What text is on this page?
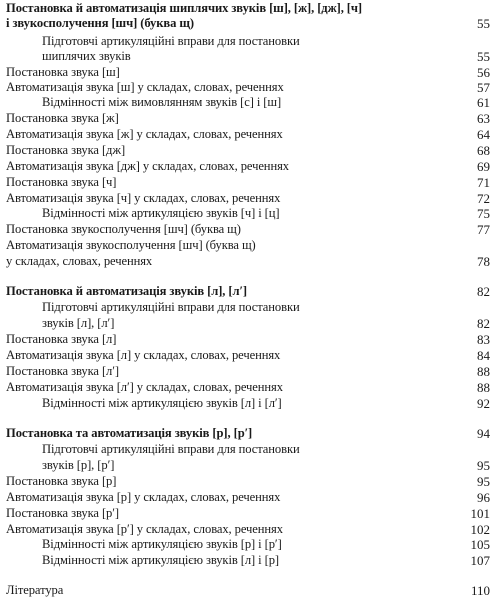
Постановка й автоматизація шиплячих звуків [ш], [ж], [дж], [ч]
і звукосполучення [шч] (буква щ)	55
Підготовчі артикуляційні вправи для постановки
шиплячих звуків	55
Постановка звука [ш]	56
Автоматизація звука [ш] у складах, словах, реченнях	57
Відмінності між вимовлянням звуків [с] і [ш]	61
Постановка звука [ж]	63
Автоматизація звука [ж] у складах, словах, реченнях	64
Постановка звука [дж]	68
Автоматизація звука [дж] у складах, словах, реченнях	69
Постановка звука [ч]	71
Автоматизація звука [ч] у складах, словах, реченнях	72
Відмінності між артикуляцією звуків [ч] і [ц]	75
Постановка звукосполучення [шч] (буква щ)	77
Автоматизація звукосполучення [шч] (буква щ)
у складах, словах, реченнях	78
Постановка й автоматизація звуків [л], [л′]	82
Підготовчі артикуляційні вправи для постановки
звуків [л], [л′]	82
Постановка звука [л]	83
Автоматизація звука [л] у складах, словах, реченнях	84
Постановка звука [л′]	88
Автоматизація звука [л′] у складах, словах, реченнях	88
Відмінності між артикуляцією звуків [л] і [л′]	92
Постановка та автоматизація звуків [р], [р′]	94
Підготовчі артикуляційні вправи для постановки
звуків [р], [р′]	95
Постановка звука [р]	95
Автоматизація звука [р] у складах, словах, реченнях	96
Постановка звука [р′]	101
Автоматизація звука [р′] у складах, словах, реченнях	102
Відмінності між артикуляцією звуків [р] і [р′]	105
Відмінності між артикуляцією звуків [л] і [р]	107
Література	110
